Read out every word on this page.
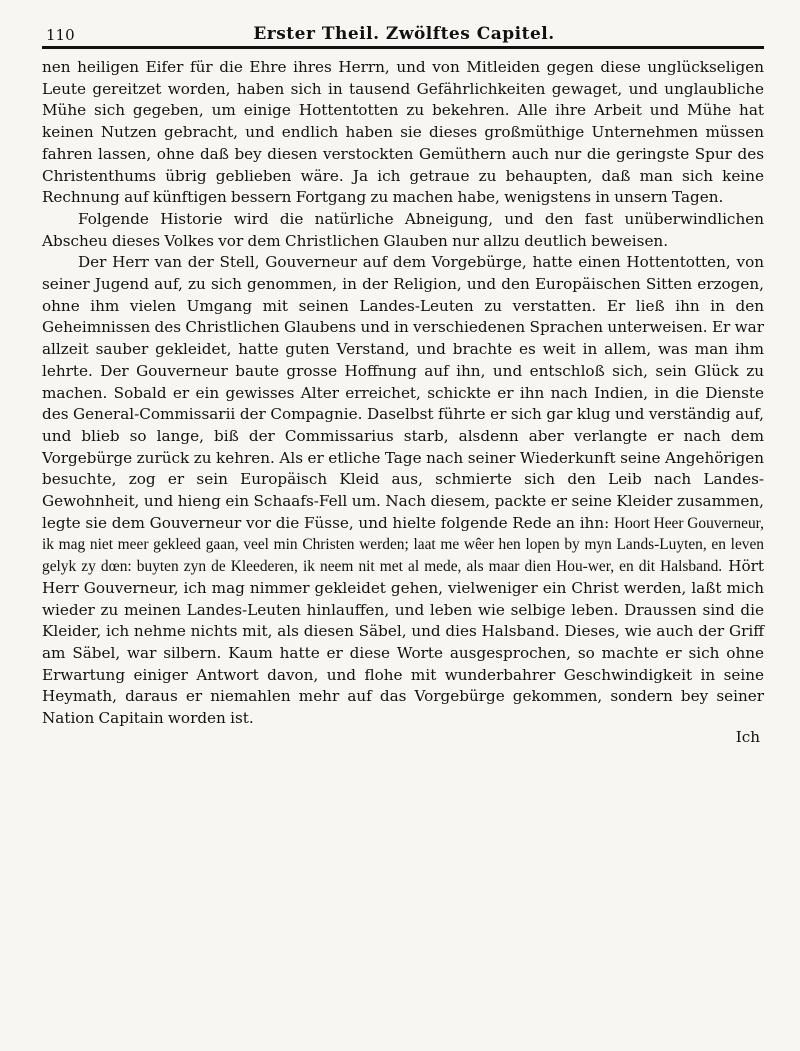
110	Erster Theil. Zwölftes Capitel.

nen heiligen Eifer für die Ehre ihres Herrn, und von Mitleiden gegen diese unglückseligen Leute gereitzet worden, haben sich in tausend Gefährlichkeiten gewaget, und unglaubliche Mühe sich gegeben, um einige Hottentotten zu bekehren. Alle ihre Arbeit und Mühe hat keinen Nutzen gebracht, und endlich haben sie dieses großmüthige Unternehmen müssen fahren lassen, ohne daß bey diesen verstockten Gemüthern auch nur die geringste Spur des Christenthums übrig geblieben wäre. Ja ich getraue zu behaupten, daß man sich keine Rechnung auf künftigen bessern Fortgang zu machen habe, wenigstens in unsern Tagen.

Folgende Historie wird die natürliche Abneigung, und den fast unüberwindlichen Abscheu dieses Volkes vor dem Christlichen Glauben nur allzu deutlich beweisen.

Der Herr van der Stell, Gouverneur auf dem Vorgebürge, hatte einen Hottentotten, von seiner Jugend auf, zu sich genommen, in der Religion, und den Europäischen Sitten erzogen, ohne ihm vielen Umgang mit seinen Landes-Leuten zu verstatten. Er ließ ihn in den Geheimnissen des Christlichen Glaubens und in verschiedenen Sprachen unterweisen. Er war allzeit sauber gekleidet, hatte guten Verstand, und brachte es weit in allem, was man ihm lehrte. Der Gouverneur baute grosse Hoffnung auf ihn, und entschloß sich, sein Glück zu machen. Sobald er ein gewisses Alter erreichet, schickte er ihn nach Indien, in die Dienste des General-Commissarii der Compagnie. Daselbst führte er sich gar klug und verständig auf, und blieb so lange, biß der Commissarius starb, alsdenn aber verlangte er nach dem Vorgebürge zurück zu kehren. Als er etliche Tage nach seiner Wiederkunft seine Angehörigen besuchte, zog er sein Europäisch Kleid aus, schmierte sich den Leib nach Landes-Gewohnheit, und hieng ein Schaafs-Fell um. Nach diesem, packte er seine Kleider zusammen, legte sie dem Gouverneur vor die Füsse, und hielte folgende Rede an ihn: Hoort Heer Gouverneur, ik mag niet meer gekleed gaan, veel min Christen werden; laat me wêer hen lopen by myn Lands-Luyten, en leven gelyk zy dœn: buyten zyn de Kleederen, ik neem nit met al mede, als maar dien Hou-wer, en dit Halsband. Hört Herr Gouverneur, ich mag nimmer gekleidet gehen, vielweniger ein Christ werden, laßt mich wieder zu meinen Landes-Leuten hinlauffen, und leben wie selbige leben. Draussen sind die Kleider, ich nehme nichts mit, als diesen Säbel, und dies Halsband. Dieses, wie auch der Griff am Säbel, war silbern. Kaum hatte er diese Worte ausgesprochen, so machte er sich ohne Erwartung einiger Antwort davon, und flohe mit wunderbahrer Geschwindigkeit in seine Heymath, daraus er niemahlen mehr auf das Vorgebürge gekommen, sondern bey seiner Nation Capitain worden ist.

Ich
